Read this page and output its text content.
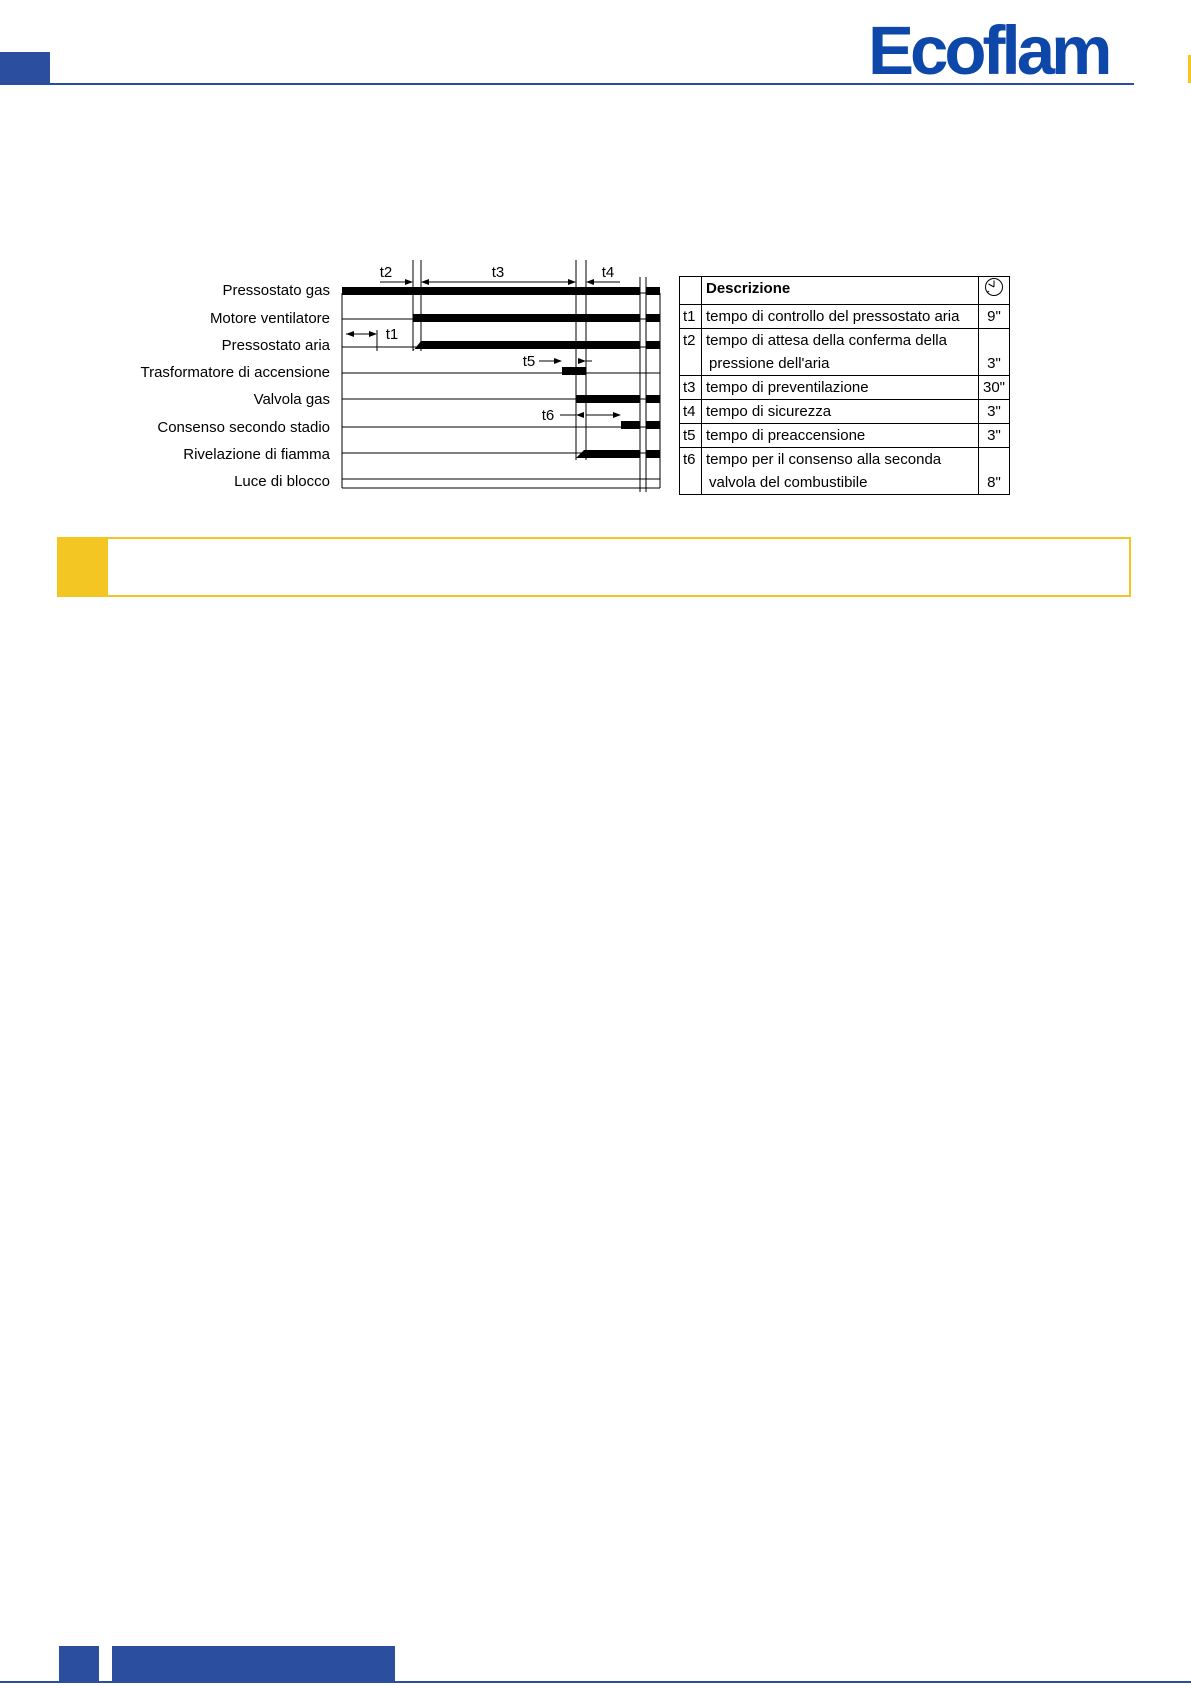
Ecoflam
Pressostato gas
Motore ventilatore
Pressostato aria
Trasformatore di accensione
Valvola gas
Consenso secondo stadio
Rivelazione di fiamma
Luce di blocco
t2	t3	t4
t1
t5
t6
	Descrizione	
t1	tempo di controllo del pressostato aria	9"
t2	tempo di attesa della conferma della
pressione dell'aria	3"
t3	tempo di preventilazione	30"
t4	tempo di sicurezza	3"
t5	tempo di preaccensione	3"
t6	tempo per il consenso alla seconda
valvola del combustibile	8"
